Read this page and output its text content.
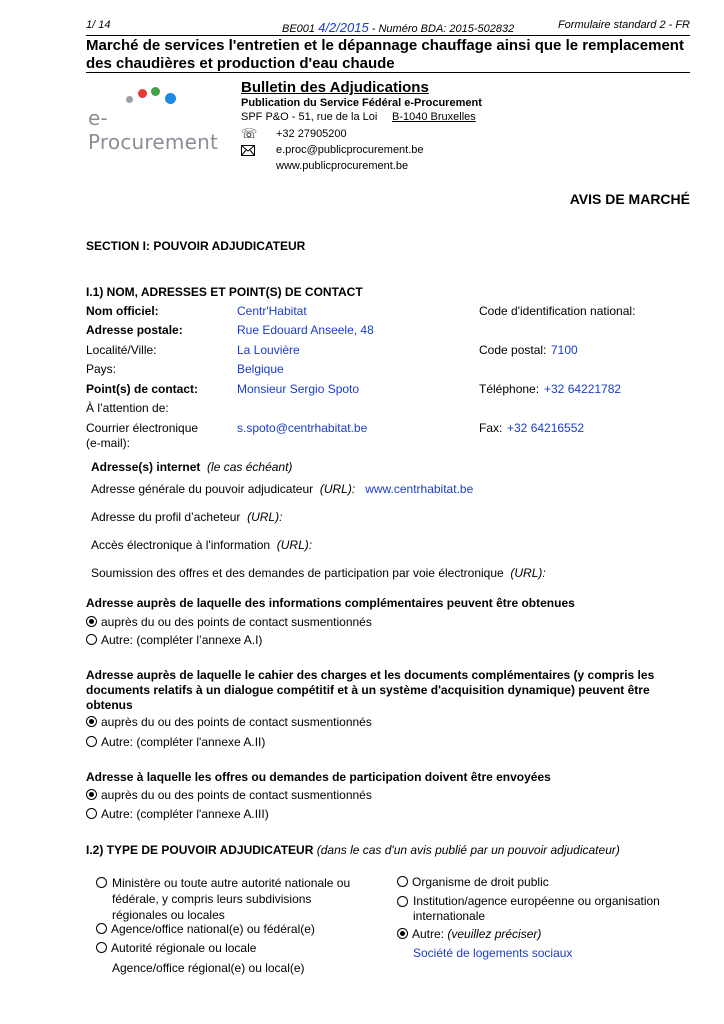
1/ 14	BE001 4/2/2015 - Numéro BDA: 2015-502832	Formulaire standard 2 - FR
Marché de services l'entretien et le dépannage chauffage ainsi que le remplacement des chaudières et production d'eau chaude
e-Procurement
Bulletin des Adjudications
Publication du Service Fédéral e-Procurement
SPF P&O - 51, rue de la Loi B-1040 Bruxelles
☏ +32 27905200
e.proc@publicprocurement.be
www.publicprocurement.be
AVIS DE MARCHÉ
SECTION I: POUVOIR ADJUDICATEUR
I.1) NOM, ADRESSES ET POINT(S) DE CONTACT
Nom officiel:	Centr'Habitat	Code d'identification national:
Adresse postale:	Rue Edouard Anseele, 48
Localité/Ville:	La Louvière	Code postal: 7100
Pays:	Belgique
Point(s) de contact:	Monsieur Sergio Spoto	Téléphone: +32 64221782
À l’attention de:
Courrier électronique
(e-mail):
s.spoto@centrhabitat.be	Fax: +32 64216552
Adresse(s) internet (le cas échéant)
Adresse générale du pouvoir adjudicateur (URL): www.centrhabitat.be
Adresse du profil d’acheteur (URL):
Accès électronique à l'information (URL):
Soumission des offres et des demandes de participation par voie électronique (URL):
Adresse auprès de laquelle des informations complémentaires peuvent être obtenues
auprès du ou des points de contact susmentionnés
Autre: (compléter l’annexe A.I)
Adresse auprès de laquelle le cahier des charges et les documents complémentaires (y compris les documents relatifs à un dialogue compétitif et à un système d'acquisition dynamique) peuvent être obtenus
auprès du ou des points de contact susmentionnés
Autre: (compléter l'annexe A.II)
Adresse à laquelle les offres ou demandes de participation doivent être envoyées
auprès du ou des points de contact susmentionnés
Autre: (compléter l'annexe A.III)
I.2) TYPE DE POUVOIR ADJUDICATEUR (dans le cas d'un avis publié par un pouvoir adjudicateur)
Ministère ou toute autre autorité nationale ou fédérale, y compris leurs subdivisions régionales ou locales
Agence/office national(e) ou fédéral(e)
Autorité régionale ou locale
Agence/office régional(e) ou local(e)
Organisme de droit public
Institution/agence européenne ou organisation internationale
Autre: (veuillez préciser)
Société de logements sociaux
